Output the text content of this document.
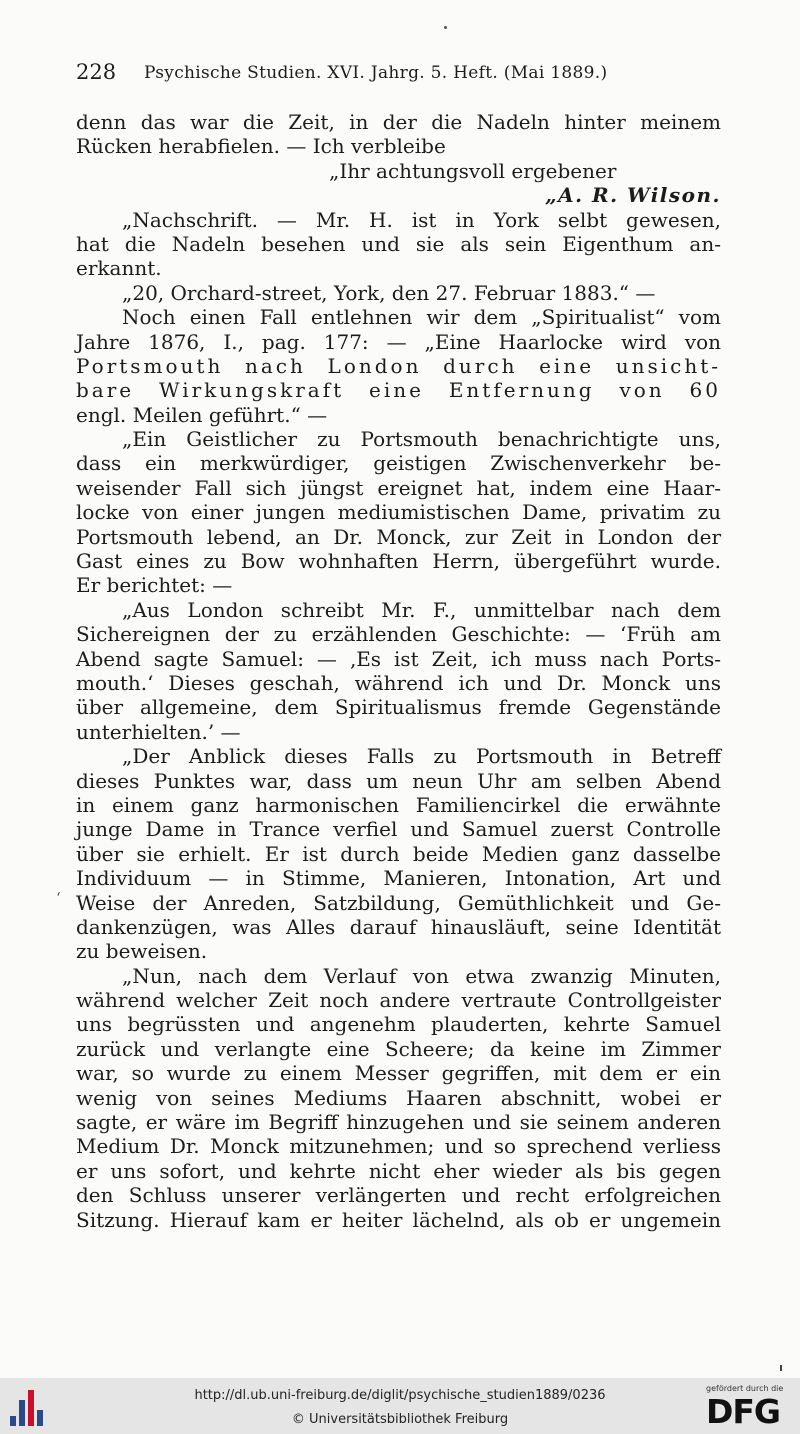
228 Psychische Studien. XVI. Jahrg. 5. Heft. (Mai 1889.)
denn das war die Zeit, in der die Nadeln hinter meinem
Rücken herabfielen. — Ich verbleibe
„Ihr achtungsvoll ergebener
„A. R. Wilson.
„Nachschrift. — Mr. H. ist in York selbt gewesen,
hat die Nadeln besehen und sie als sein Eigenthum an-
erkannt.
„20, Orchard-street, York, den 27. Februar 1883.“ —
Noch einen Fall entlehnen wir dem „Spiritualist“ vom
Jahre 1876, I., pag. 177: — „Eine Haarlocke wird von
Portsmouth nach London durch eine unsicht-
bare Wirkungskraft eine Entfernung von 60
engl. Meilen geführt.“ —
„Ein Geistlicher zu Portsmouth benachrichtigte uns,
dass ein merkwürdiger, geistigen Zwischenverkehr be-
weisender Fall sich jüngst ereignet hat, indem eine Haar-
locke von einer jungen mediumistischen Dame, privatim zu
Portsmouth lebend, an Dr. Monck, zur Zeit in London der
Gast eines zu Bow wohnhaften Herrn, übergeführt wurde.
Er berichtet: —
„Aus London schreibt Mr. F., unmittelbar nach dem
Sichereignen der zu erzählenden Geschichte: — ‘Früh am
Abend sagte Samuel: — ‚Es ist Zeit, ich muss nach Ports-
mouth.‘ Dieses geschah, während ich und Dr. Monck uns
über allgemeine, dem Spiritualismus fremde Gegenstände
unterhielten.’ —
„Der Anblick dieses Falls zu Portsmouth in Betreff
dieses Punktes war, dass um neun Uhr am selben Abend
in einem ganz harmonischen Familiencirkel die erwähnte
junge Dame in Trance verfiel und Samuel zuerst Controlle
über sie erhielt. Er ist durch beide Medien ganz dasselbe
Individuum — in Stimme, Manieren, Intonation, Art und
Weise der Anreden, Satzbildung, Gemüthlichkeit und Ge-
dankenzügen, was Alles darauf hinausläuft, seine Identität
zu beweisen.
„Nun, nach dem Verlauf von etwa zwanzig Minuten,
während welcher Zeit noch andere vertraute Controllgeister
uns begrüssten und angenehm plauderten, kehrte Samuel
zurück und verlangte eine Scheere; da keine im Zimmer
war, so wurde zu einem Messer gegriffen, mit dem er ein
wenig von seines Mediums Haaren abschnitt, wobei er
sagte, er wäre im Begriff hinzugehen und sie seinem anderen
Medium Dr. Monck mitzunehmen; und so sprechend verliess
er uns sofort, und kehrte nicht eher wieder als bis gegen
den Schluss unserer verlängerten und recht erfolgreichen
Sitzung. Hierauf kam er heiter lächelnd, als ob er ungemein
‘
http://dl.ub.uni-freiburg.de/diglit/psychische_studien1889/0236
© Universitätsbibliothek Freiburg
gefördert durch die
DFG
